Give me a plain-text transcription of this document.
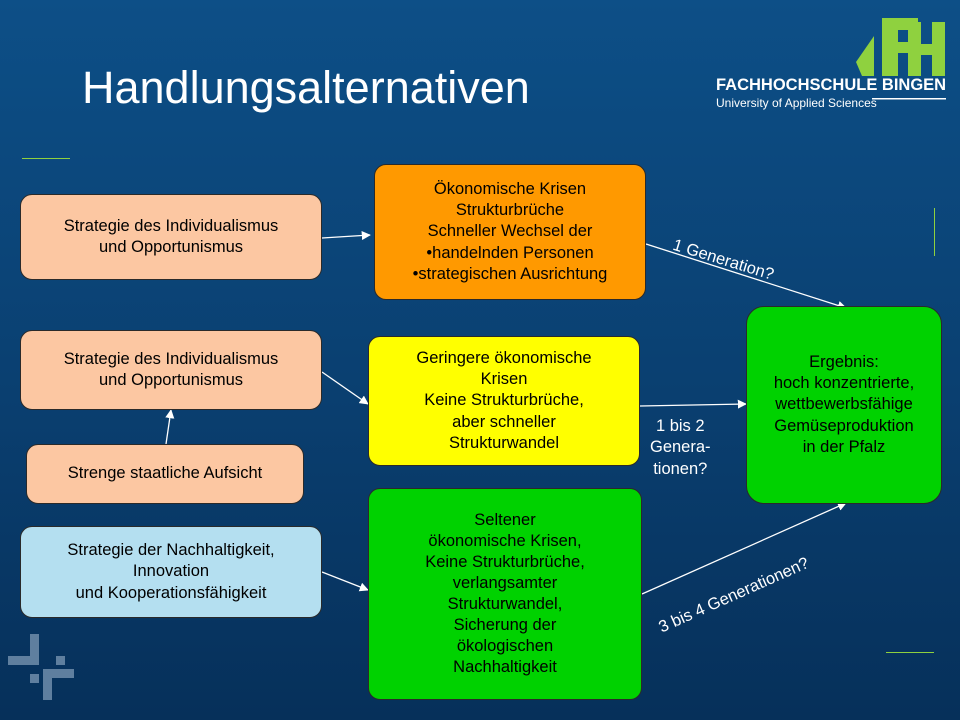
Handlungsalternativen	FACHHOCHSCHULE BINGEN
University of Applied Sciences
Strategie des Individualismus
und Opportunismus
Strategie des Individualismus
und Opportunismus
Strenge staatliche Aufsicht
Strategie der Nachhaltigkeit,
Innovation
und Kooperationsfähigkeit
Ökonomische Krisen
Strukturbrüche
Schneller Wechsel der
•handelnden Personen
•strategischen Ausrichtung
Geringere ökonomische
Krisen
Keine Strukturbrüche,
aber schneller
Strukturwandel
Seltener
ökonomische Krisen,
Keine Strukturbrüche,
verlangsamter
Strukturwandel,
Sicherung der
ökologischen
Nachhaltigkeit
Ergebnis:
hoch konzentrierte,
wettbewerbsfähige
Gemüseproduktion
in der Pfalz
1 Generation?
1 bis 2
Genera-
tionen?
3 bis 4 Generationen?
